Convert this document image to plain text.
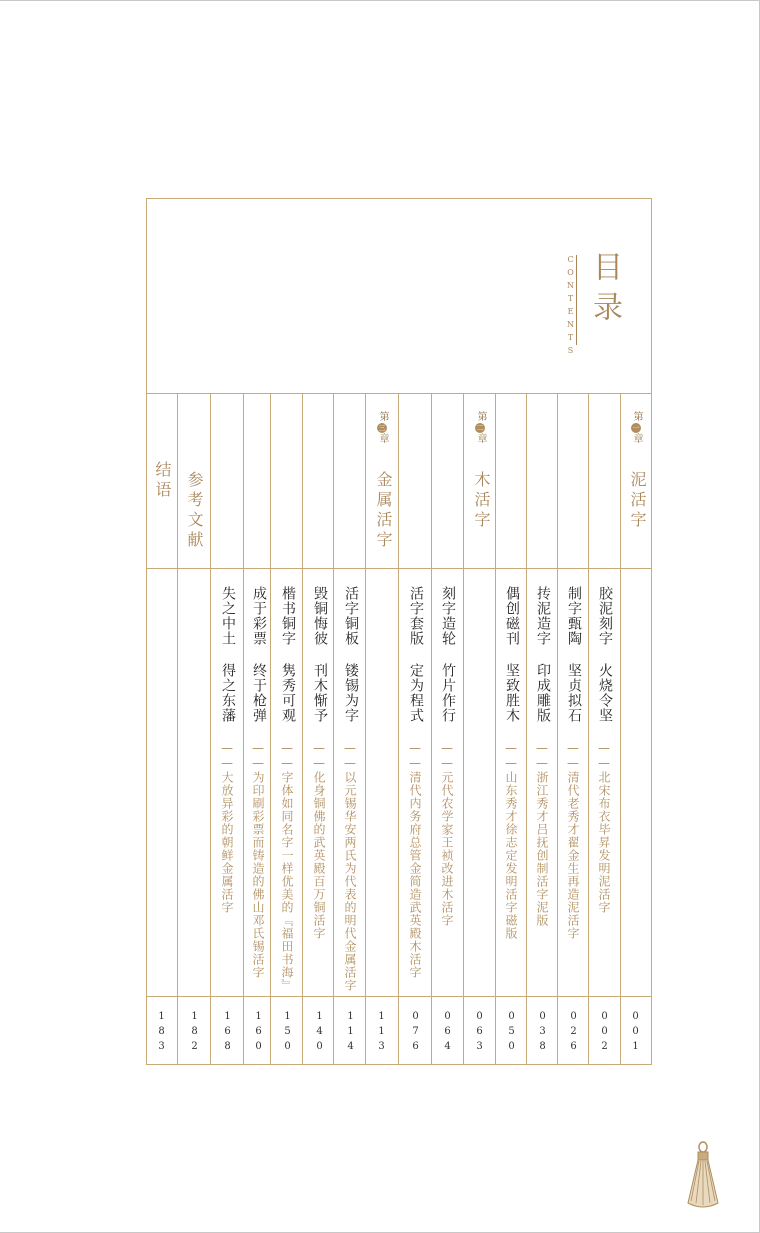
目录
CONTENTS
第一章
泥活字
001
第二章
木活字
063
第三章
金属活字
113
胶泥刻字 火烧令坚
——北宋布衣毕昇发明泥活字
002
制字甄陶 坚贞拟石
——清代老秀才翟金生再造泥活字
026
抟泥造字 印成雕版
——浙江秀才吕抚创制活字泥版
038
偶创磁刊 坚致胜木
——山东秀才徐志定发明活字磁版
050
刻字造轮 竹片作行
——元代农学家王祯改进木活字
064
活字套版 定为程式
——清代内务府总管金简造武英殿木活字
076
活字铜板 镂锡为字
——以元锡华安两氏为代表的明代金属活字
114
毁铜悔彼 刊木惭予
——化身铜佛的武英殿百万铜活字
140
楷书铜字 隽秀可观
——字体如同名字一样优美的『福田书海』
150
成于彩票 终于枪弹
——为印刷彩票而铸造的佛山邓氏锡活字
160
失之中土 得之东藩
——大放异彩的朝鲜金属活字
168
参考文献
182
结语
183
